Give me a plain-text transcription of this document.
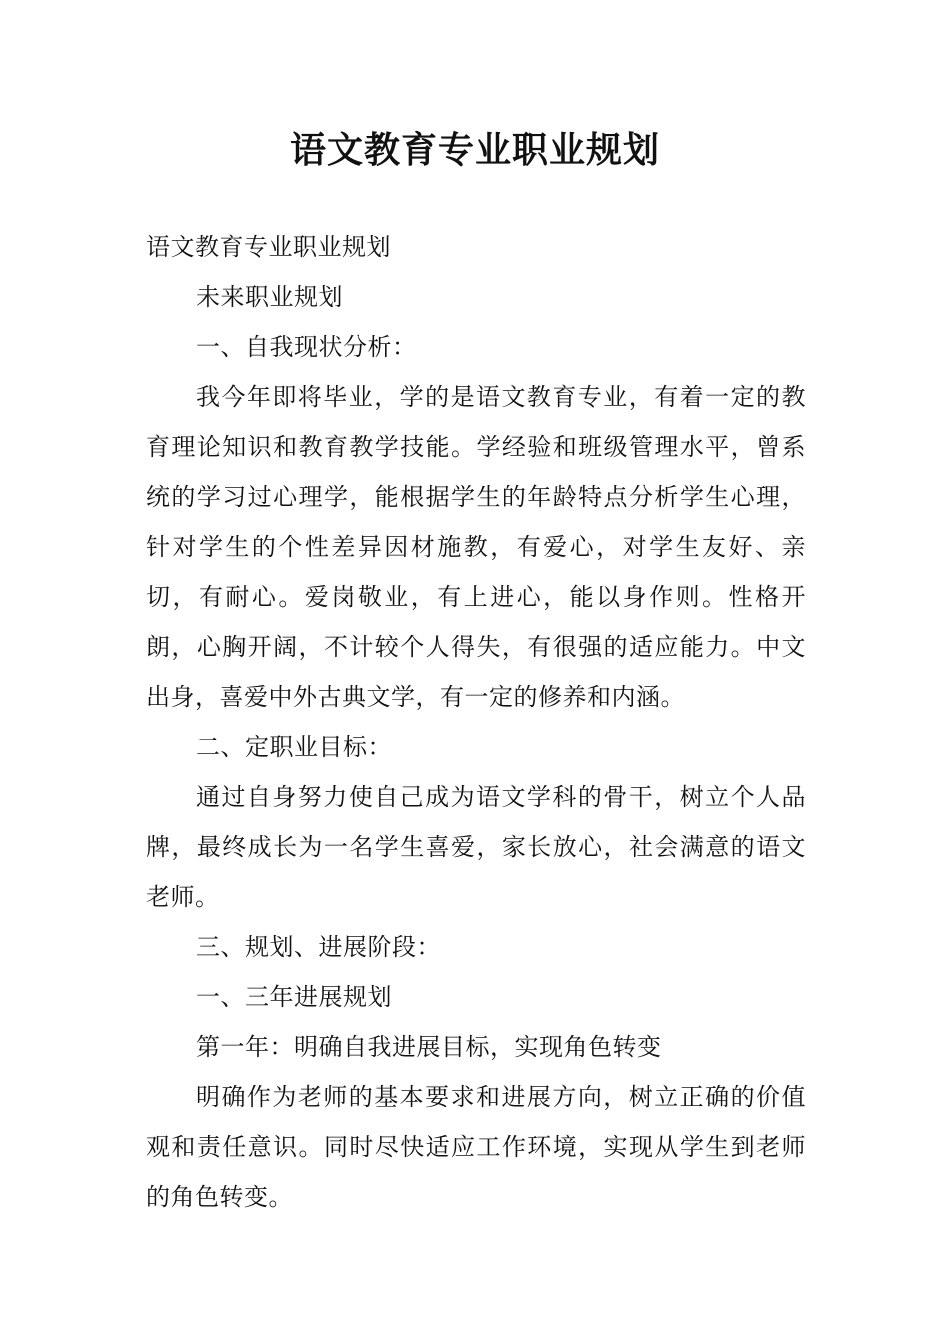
语文教育专业职业规划

语文教育专业职业规划

未来职业规划

一、自我现状分析：

我今年即将毕业，学的是语文教育专业，有着一定的教育理论知识和教育教学技能。学经验和班级管理水平，曾系统的学习过心理学，能根据学生的年龄特点分析学生心理，针对学生的个性差异因材施教，有爱心，对学生友好、亲切，有耐心。爱岗敬业，有上进心，能以身作则。性格开朗，心胸开阔，不计较个人得失，有很强的适应能力。中文出身，喜爱中外古典文学，有一定的修养和内涵。

二、定职业目标：

通过自身努力使自己成为语文学科的骨干，树立个人品牌，最终成长为一名学生喜爱，家长放心，社会满意的语文老师。

三、规划、进展阶段：

一、三年进展规划

第一年：明确自我进展目标，实现角色转变

明确作为老师的基本要求和进展方向，树立正确的价值观和责任意识。同时尽快适应工作环境，实现从学生到老师的角色转变。
